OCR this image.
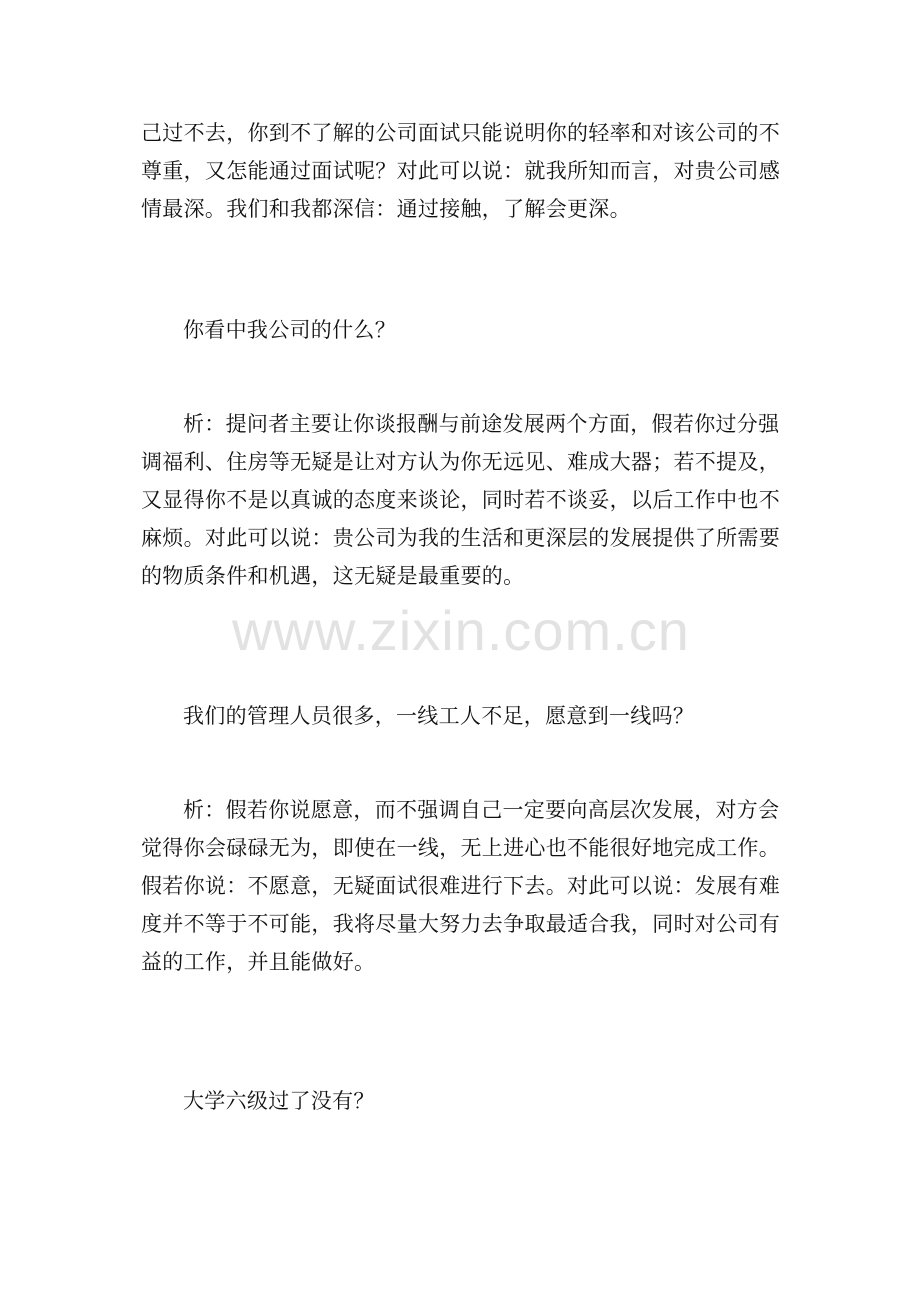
己过不去，你到不了解的公司面试只能说明你的轻率和对该公司的不
尊重，又怎能通过面试呢？对此可以说：就我所知而言，对贵公司感
情最深。我们和我都深信：通过接触，了解会更深。
你看中我公司的什么？
析：提问者主要让你谈报酬与前途发展两个方面，假若你过分强
调福利、住房等无疑是让对方认为你无远见、难成大器；若不提及，
又显得你不是以真诚的态度来谈论，同时若不谈妥，以后工作中也不
麻烦。对此可以说：贵公司为我的生活和更深层的发展提供了所需要
的物质条件和机遇，这无疑是最重要的。
我们的管理人员很多，一线工人不足，愿意到一线吗？
析：假若你说愿意，而不强调自己一定要向高层次发展，对方会
觉得你会碌碌无为，即使在一线，无上进心也不能很好地完成工作。
假若你说：不愿意，无疑面试很难进行下去。对此可以说：发展有难
度并不等于不可能，我将尽量大努力去争取最适合我，同时对公司有
益的工作，并且能做好。
大学六级过了没有？
www.zixin.com.cn
